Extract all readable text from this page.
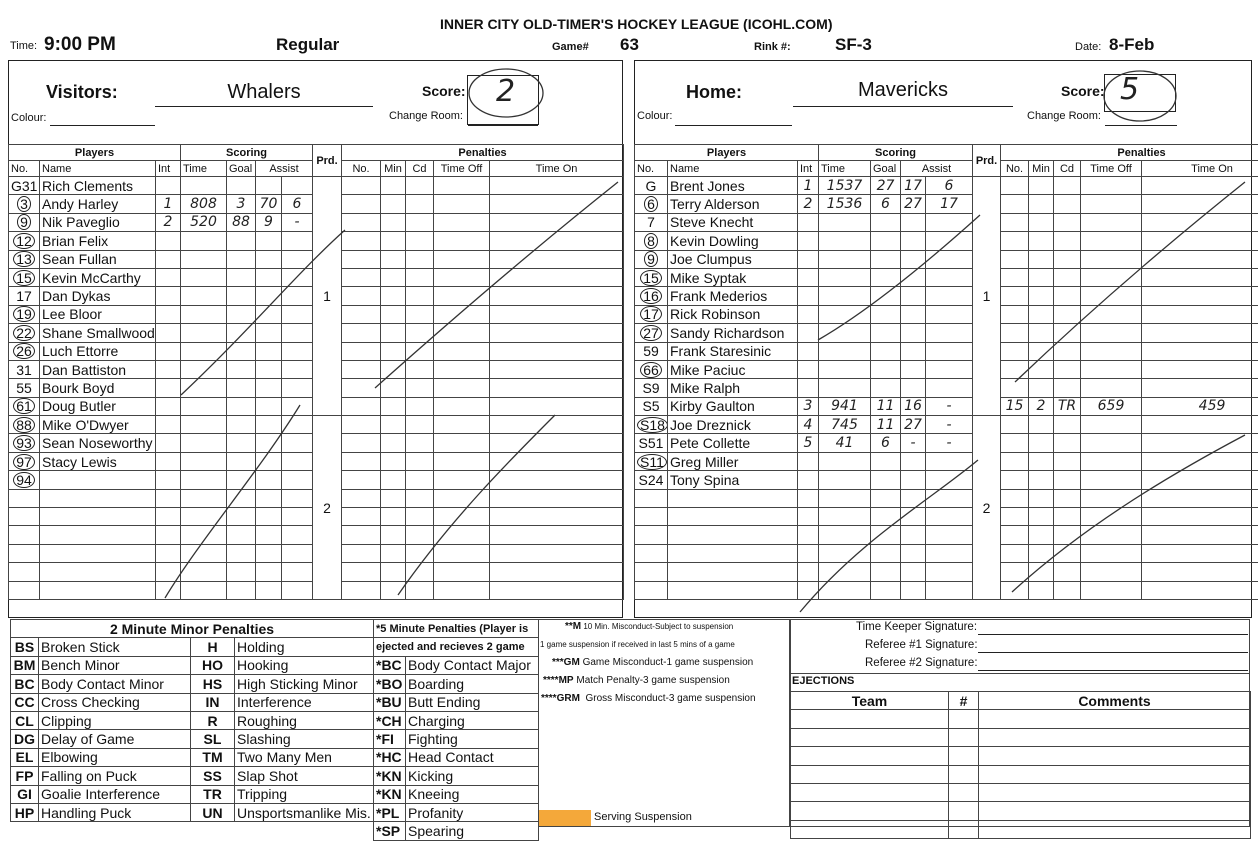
INNER CITY OLD-TIMER'S HOCKEY LEAGUE (ICOHL.COM)
Time: 9:00 PM	Regular	Game# 63	Rink #:	SF-3	Date: 8-Feb
Visitors:	Whalers	Score: 2
Colour:	Change Room:
Players			Scoring				Prd.	Penalties				
No.	Name	Int	Time	Goal	Assist			No.	Min	Cd	Time Off	Time On
G31	Rich Clements						1					
3	Andy Harley	1	808	3	70	6						
9	Nik Paveglio	2	520	88	9	-						
12	Brian Felix											
13	Sean Fullan											
15	Kevin McCarthy											
17	Dan Dykas											
19	Lee Bloor											
22	Shane Smallwood											
26	Luch Ettorre											
31	Dan Battiston											
55	Bourk Boyd											
61	Doug Butler											
88	Mike O'Dwyer						2					
93	Sean Noseworthy											
97	Stacy Lewis											
94												

Home:	Mavericks	Score: 5
Colour:	Change Room:
Players			Scoring				Prd.	Penalties				
No.	Name	Int	Time	Goal	Assist			No.	Min	Cd	Time Off	Time On
G	Brent Jones	1	1537	27	17	6	1					
6	Terry Alderson	2	1536	6	27	17						
7	Steve Knecht											
8	Kevin Dowling											
9	Joe Clumpus											
15	Mike Syptak											
16	Frank Mederios											
17	Rick Robinson											
27	Sandy Richardson											
59	Frank Staresinic											
66	Mike Paciuc											
S9	Mike Ralph											
S5	Kirby Gaulton	3	941	11	16	-		15	2	TR	659	459
S18	Joe Dreznick	4	745	11	27	-	2					
S51	Pete Collette	5	41	6	-	-						
S11	Greg Miller											
S24	Tony Spina											

2 Minute Minor Penalties			
BS	Broken Stick	H	Holding
BM	Bench Minor	HO	Hooking
BC	Body Contact Minor	HS	High Sticking Minor
CC	Cross Checking	IN	Interference
CL	Clipping	R	Roughing
DG	Delay of Game	SL	Slashing
EL	Elbowing	TM	Two Many Men
FP	Falling on Puck	SS	Slap Shot
GI	Goalie Interference	TR	Tripping
HP	Handling Puck	UN	Unsportsmanlike Mis.
*5 Minute Penalties (Player is	
ejected and recieves 2 game	
*BC	Body Contact Major
*BO	Boarding
*BU	Butt Ending
*CH	Charging
*FI	Fighting
*HC	Head Contact
*KN	Kicking
*KN	Kneeing
*PL	Profanity
*SP	Spearing
**M 10 Min. Misconduct-Subject to suspension
1 game suspension if received in last 5 mins of a game
***GM Game Misconduct-1 game suspension
****MP Match Penalty-3 game suspension
****GRM Gross Misconduct-3 game suspension
Serving Suspension
Time Keeper Signature:
Referee #1 Signature:
Referee #2 Signature:
EJECTIONS
Team	#	Comments
